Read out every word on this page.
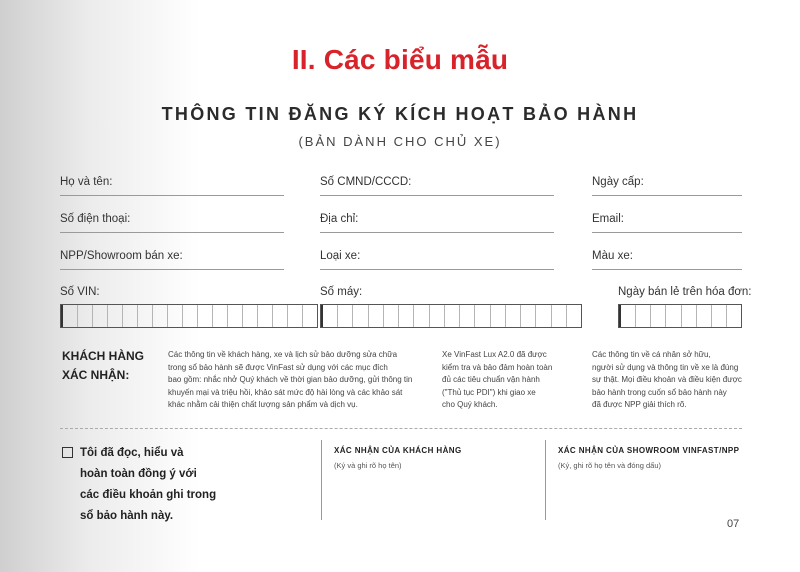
II. Các biểu mẫu
THÔNG TIN ĐĂNG KÝ KÍCH HOẠT BẢO HÀNH
(BẢN DÀNH CHO CHỦ XE)
Họ và tên:	Số CMND/CCCD:	Ngày cấp:
Số điện thoại:	Địa chỉ:	Email:
NPP/Showroom bán xe:	Loại xe:	Màu xe:
Số VIN:	Số máy:	Ngày bán lẻ trên hóa đơn:
KHÁCH HÀNG
XÁC NHẬN:
Các thông tin về khách hàng, xe và lịch sử bảo dưỡng sửa chữa
trong sổ bảo hành sẽ được VinFast sử dụng với các mục đích
bao gồm: nhắc nhở Quý khách về thời gian bảo dưỡng, gửi thông tin
khuyến mại và triệu hồi, khảo sát mức độ hài lòng và các khảo sát
khác nhằm cải thiện chất lượng sản phẩm và dịch vụ.
Xe VinFast Lux A2.0 đã được
kiểm tra và bảo đảm hoàn toàn
đủ các tiêu chuẩn vận hành
("Thủ tục PDI") khi giao xe
cho Quý khách.
Các thông tin về cá nhân sở hữu,
người sử dụng và thông tin về xe là đúng
sự thật. Mọi điều khoản và điều kiện được
bảo hành trong cuốn sổ bảo hành này
đã được NPP giải thích rõ.
Tôi đã đọc, hiểu và
hoàn toàn đồng ý với
các điều khoản ghi trong
sổ bảo hành này.
XÁC NHẬN CỦA KHÁCH HÀNG
(Ký và ghi rõ họ tên)
XÁC NHẬN CỦA SHOWROOM VINFAST/NPP
(Ký, ghi rõ họ tên và đóng dấu)
07
